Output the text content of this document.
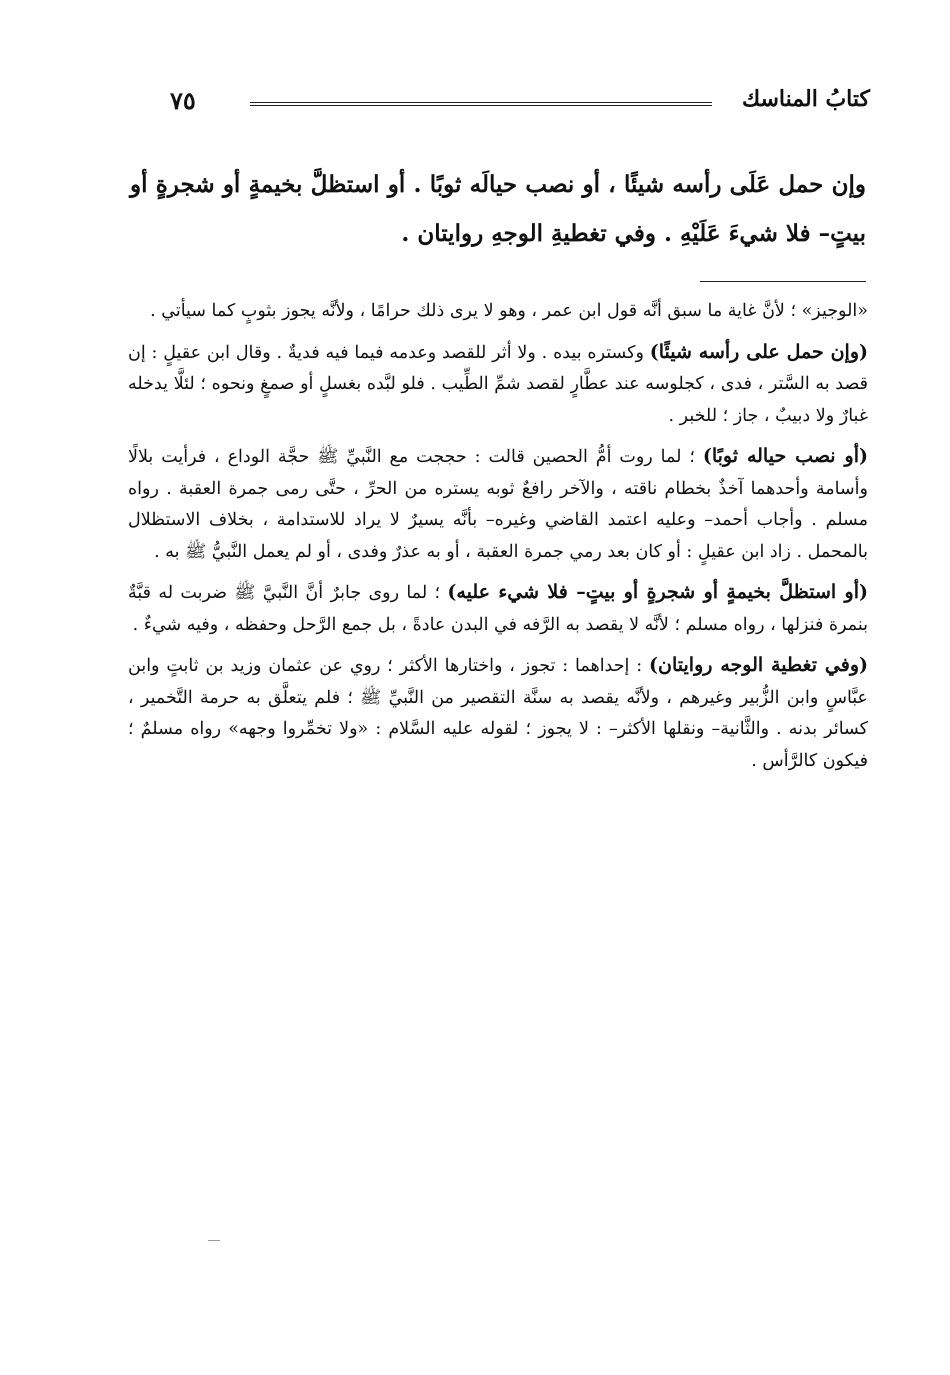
كتابُ المناسك
٧٥
وإن حمل عَلَى رأسه شيئًا ، أو نصب حيالَه ثوبًا . أو استظلَّ بخيمةٍ أو شجرةٍ أو بيتٍ– فلا شيءَ عَلَيْهِ . وفي تغطيةِ الوجهِ روايتان .

«الوجيز» ؛ لأنَّ غاية ما سبق أنَّه قول ابن عمر ، وهو لا يرى ذلك حرامًا ، ولأنَّه يجوز بثوبٍ كما سيأتي .

(وإن حمل على رأسه شيئًا) وكستره بيده . ولا أثر للقصد وعدمه فيما فيه فديةٌ . وقال ابن عقيلٍ : إن قصد به السَّتر ، فدى ، كجلوسه عند عطَّارٍ لقصد شمِّ الطِّيب . فلو لبَّده بغسلٍ أو صمغٍ ونحوه ؛ لئلَّا يدخله غبارٌ ولا دبيبٌ ، جاز ؛ للخبر .

(أو نصب حياله ثوبًا) ؛ لما روت أمُّ الحصين قالت : حججت مع النَّبيِّ ﷺ حجَّة الوداع ، فرأيت بلالًا وأسامة وأحدهما آخذٌ بخطام ناقته ، والآخر رافعٌ ثوبه يستره من الحرِّ ، حتَّى رمى جمرة العقبة . رواه مسلم . وأجاب أحمد– وعليه اعتمد القاضي وغيره– بأنَّه يسيرٌ لا يراد للاستدامة ، بخلاف الاستظلال بالمحمل . زاد ابن عقيلٍ : أو كان بعد رمي جمرة العقبة ، أو به عذرٌ وفدى ، أو لم يعمل النَّبيُّ ﷺ به .

(أو استظلَّ بخيمةٍ أو شجرةٍ أو بيتٍ– فلا شيء عليه) ؛ لما روى جابرٌ أنَّ النَّبيَّ ﷺ ضربت له قبَّةٌ بنمرة فنزلها ، رواه مسلم ؛ لأنَّه لا يقصد به الرَّفه في البدن عادةً ، بل جمع الرَّحل وحفظه ، وفيه شيءٌ .

(وفي تغطية الوجه روايتان) : إحداهما : تجوز ، واختارها الأكثر ؛ روي عن عثمان وزيد بن ثابتٍ وابن عبَّاسٍ وابن الزُّبير وغيرهم ، ولأنَّه يقصد به سنَّة التقصير من النَّبيِّ ﷺ ؛ فلم يتعلَّق به حرمة التَّخمير ، كسائر بدنه . والثَّانية– ونقلها الأكثر– : لا يجوز ؛ لقوله عليه السَّلام : «ولا تخمِّروا وجهه» رواه مسلمٌ ؛ فيكون كالرَّأس .
